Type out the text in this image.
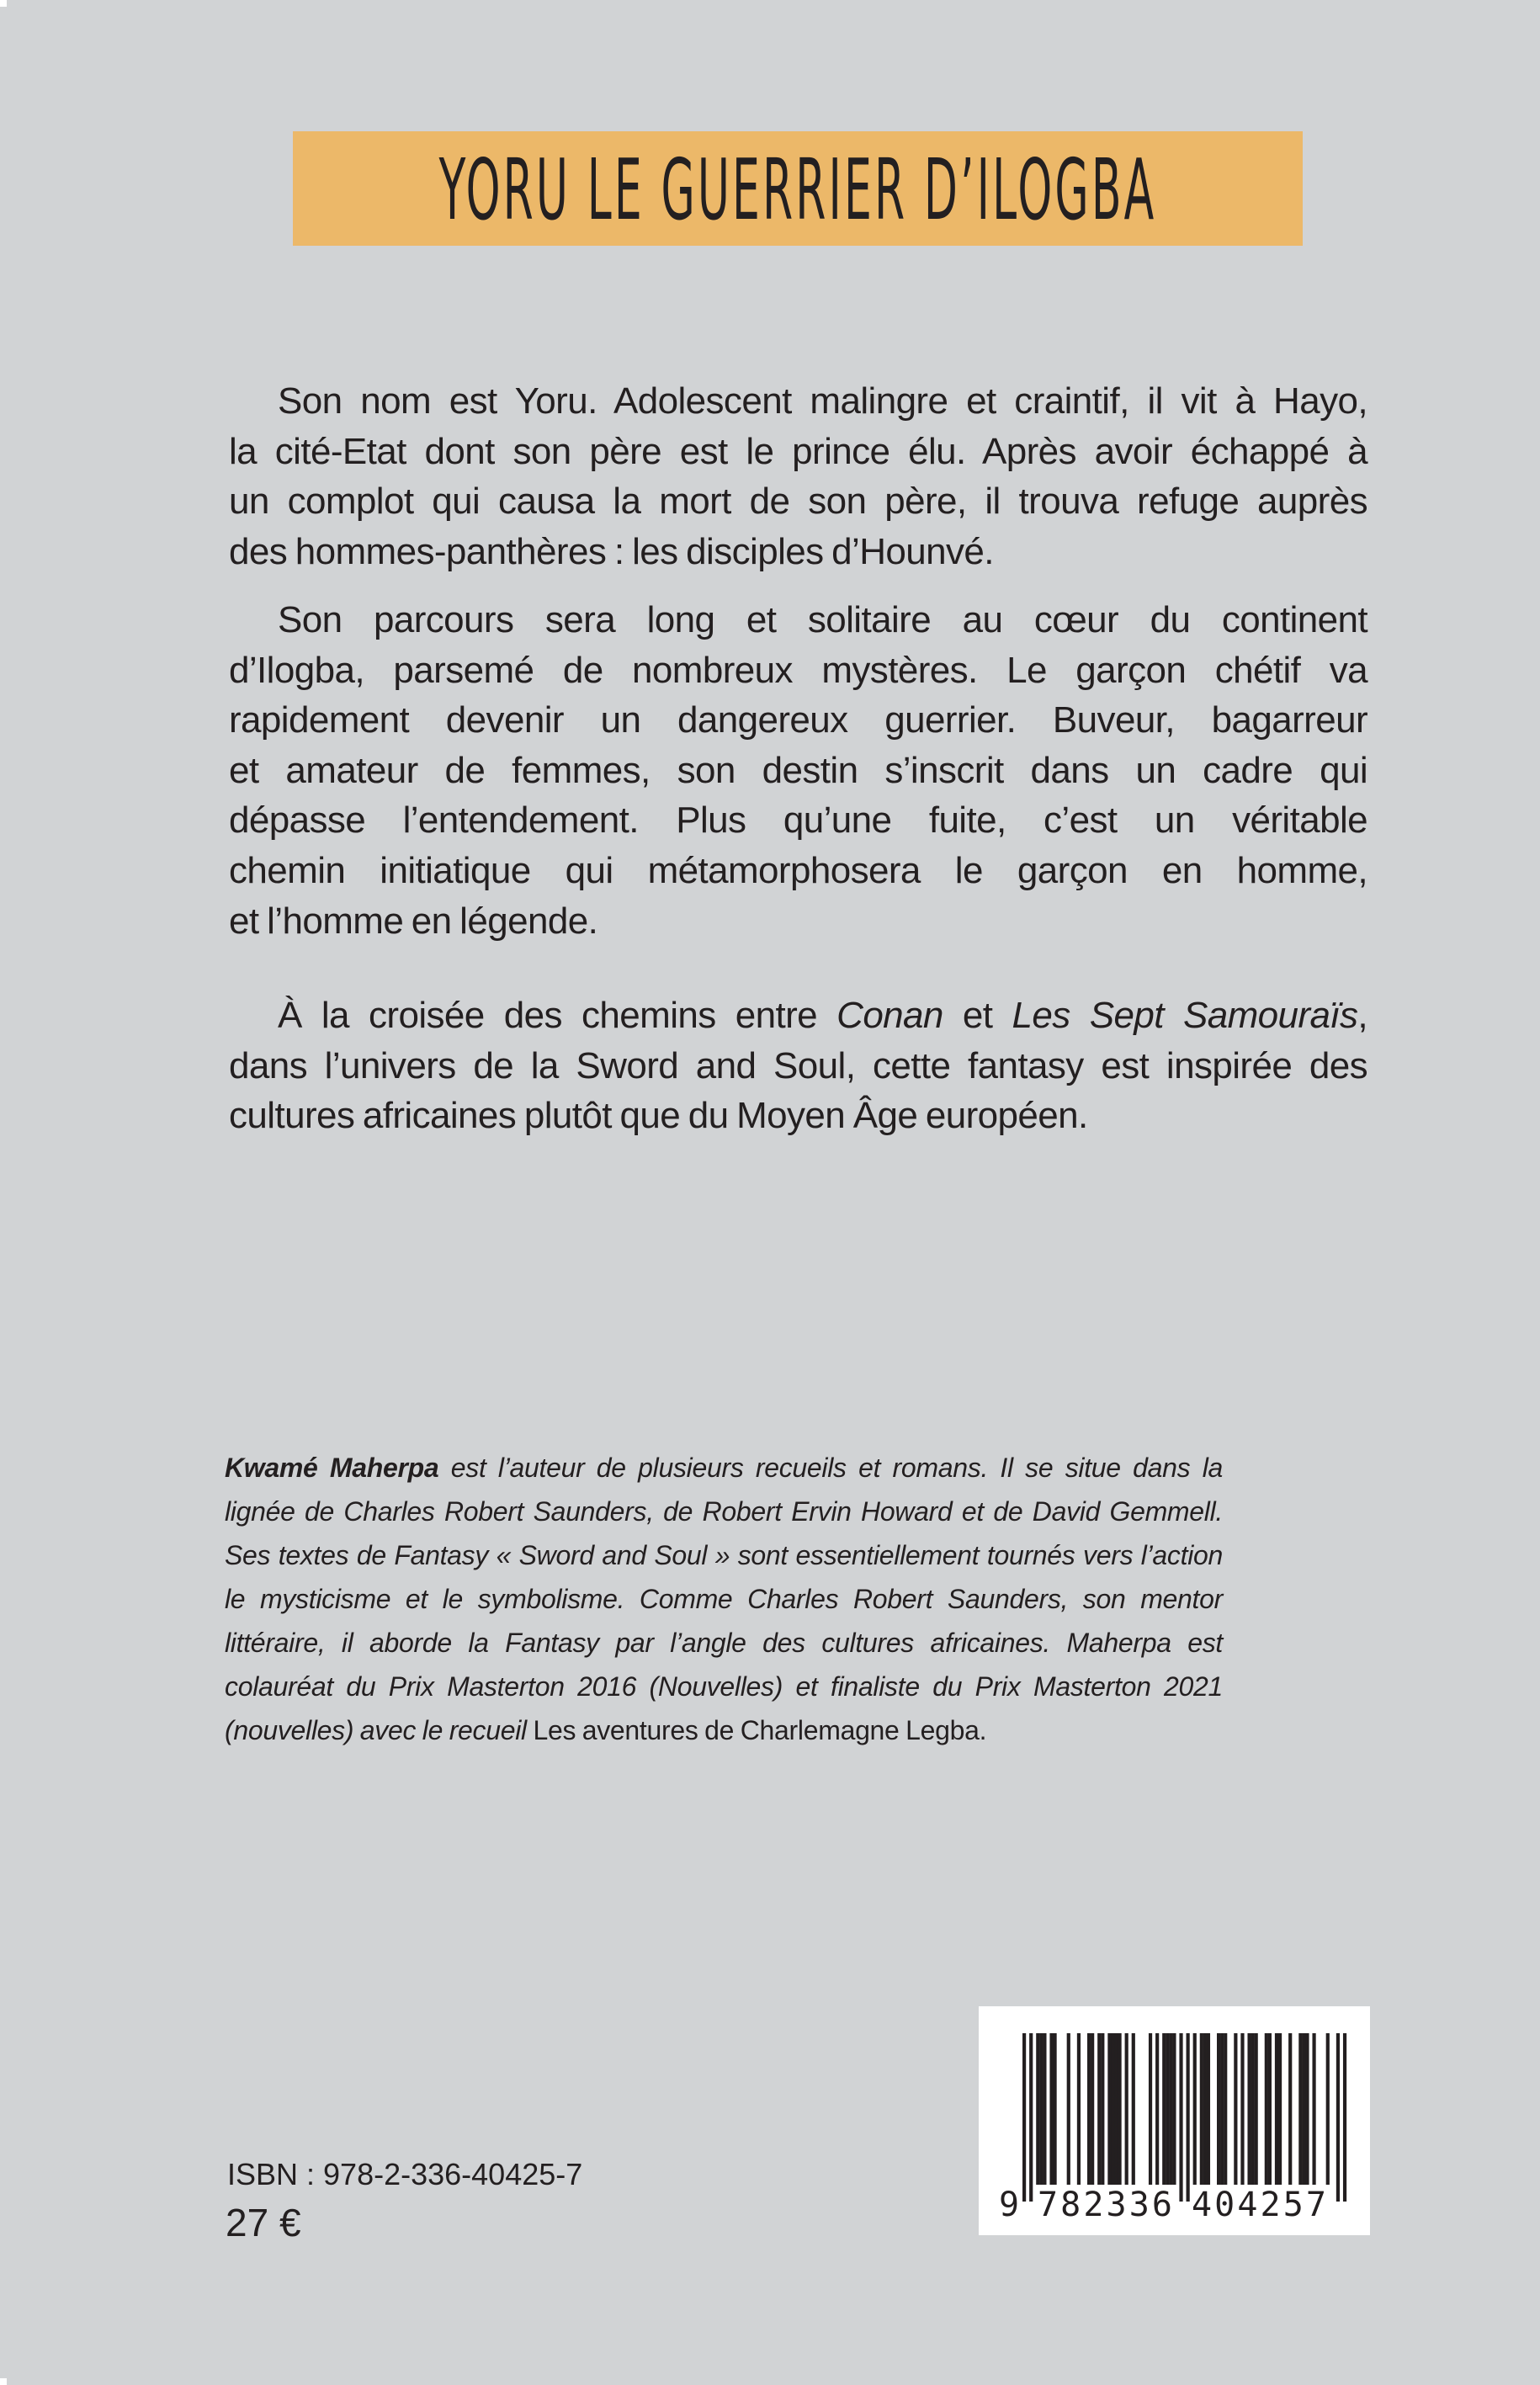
YORU LE GUERRIER D’ILOGBA
Son nom est Yoru. Adolescent malingre et craintif, il vit à Hayo,
la cité-Etat dont son père est le prince élu. Après avoir échappé à
un complot qui causa la mort de son père, il trouva refuge auprès
des hommes-panthères : les disciples d’Hounvé.
Son parcours sera long et solitaire au cœur du continent
d’Ilogba, parsemé de nombreux mystères. Le garçon chétif va
rapidement devenir un dangereux guerrier. Buveur, bagarreur
et amateur de femmes, son destin s’inscrit dans un cadre qui
dépasse l’entendement. Plus qu’une fuite, c’est un véritable
chemin initiatique qui métamorphosera le garçon en homme,
et l’homme en légende.
À la croisée des chemins entre Conan et Les Sept Samouraïs,
dans l’univers de la Sword and Soul, cette fantasy est inspirée des
cultures africaines plutôt que du Moyen Âge européen.
Kwamé Maherpa est l’auteur de plusieurs recueils et romans. Il se situe dans la
lignée de Charles Robert Saunders, de Robert Ervin Howard et de David Gemmell.
Ses textes de Fantasy « Sword and Soul » sont essentiellement tournés vers l’action
le mysticisme et le symbolisme. Comme Charles Robert Saunders, son mentor
littéraire, il aborde la Fantasy par l’angle des cultures africaines. Maherpa est
colauréat du Prix Masterton 2016 (Nouvelles) et finaliste du Prix Masterton 2021
(nouvelles) avec le recueil Les aventures de Charlemagne Legba.
ISBN : 978-2-336-40425-7
27 €	9 782336 404257
